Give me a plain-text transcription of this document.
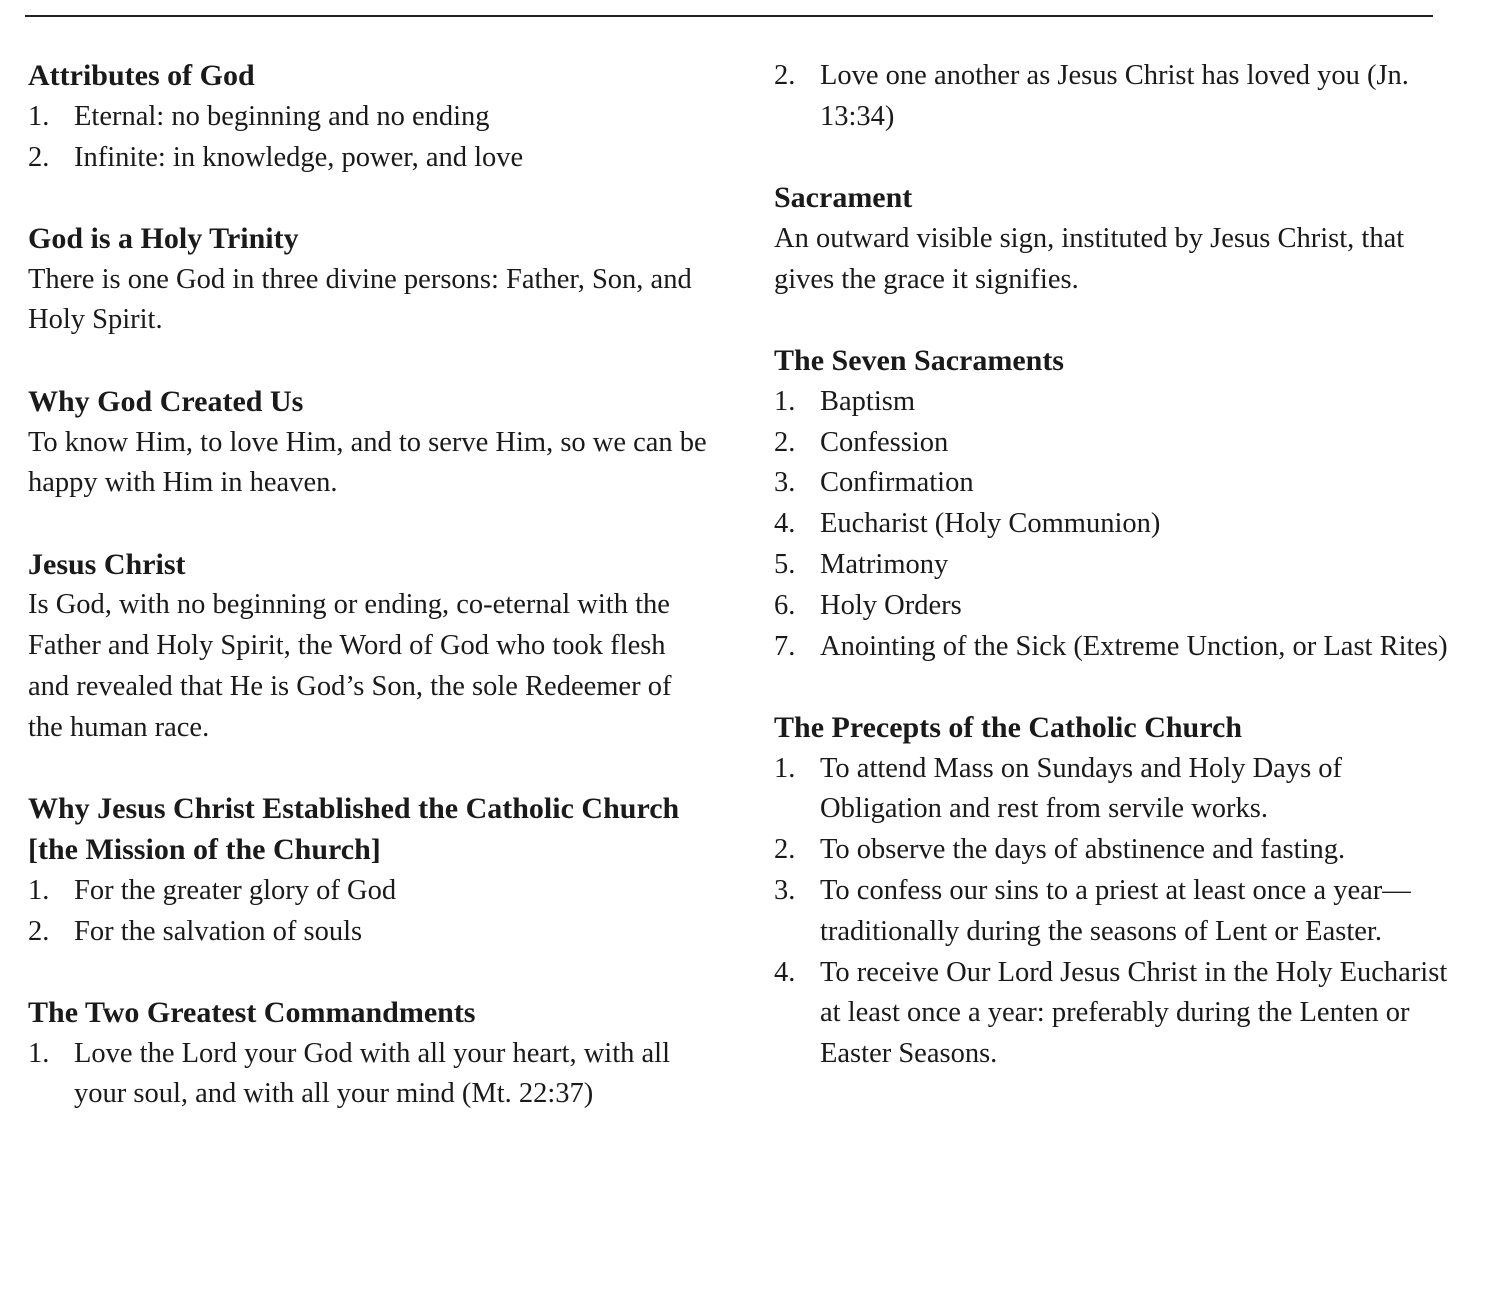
Attributes of God
1. Eternal: no beginning and no ending
2. Infinite: in knowledge, power, and love
God is a Holy Trinity

There is one God in three divine persons: Father, Son, and Holy Spirit.

Why God Created Us

To know Him, to love Him, and to serve Him, so we can be happy with Him in heaven.

Jesus Christ

Is God, with no beginning or ending, co-eternal with the Father and Holy Spirit, the Word of God who took flesh and revealed that He is God’s Son, the sole Redeemer of the human race.

Why Jesus Christ Established the Catholic Church [the Mission of the Church]
1. For the greater glory of God
2. For the salvation of souls
The Two Greatest Commandments
1. Love the Lord your God with all your heart, with all your soul, and with all your mind (Mt. 22:37)
2. Love one another as Jesus Christ has loved you (Jn. 13:34)
Sacrament

An outward visible sign, instituted by Jesus Christ, that gives the grace it signifies.

The Seven Sacraments
1. Baptism
2. Confession
3. Confirmation
4. Eucharist (Holy Communion)
5. Matrimony
6. Holy Orders
7. Anointing of the Sick (Extreme Unction, or Last Rites)
The Precepts of the Catholic Church
1. To attend Mass on Sundays and Holy Days of Obligation and rest from servile works.
2. To observe the days of abstinence and fasting.
3. To confess our sins to a priest at least once a year—traditionally during the seasons of Lent or Easter.
4. To receive Our Lord Jesus Christ in the Holy Eucharist at least once a year: preferably during the Lenten or Easter Seasons.
